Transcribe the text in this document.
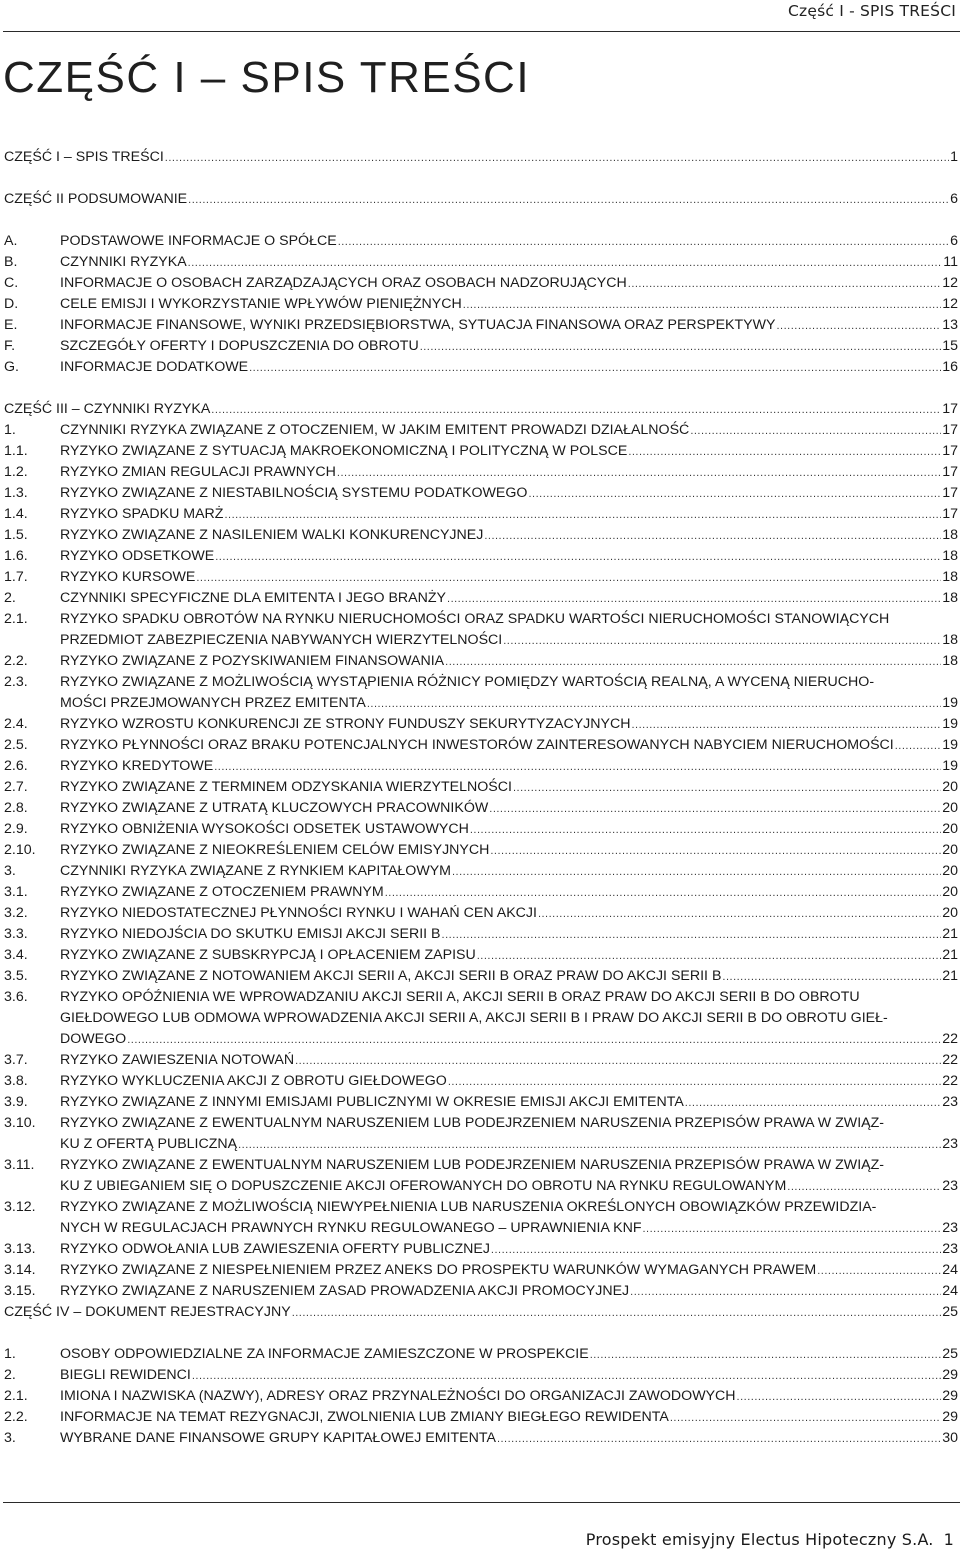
Część I - SPIS TREŚCI
CZĘŚĆ I – SPIS TREŚCI
CZĘŚĆ I – SPIS TREŚCI .....	1
CZĘŚĆ II PODSUMOWANIE .....	6
A.	PODSTAWOWE INFORMACJE O SPÓŁCE .....	6
B.	CZYNNIKI RYZYKA .....	11
C.	INFORMACJE O OSOBACH ZARZĄDZAJĄCYCH ORAZ OSOBACH NADZORUJĄCYCH .....	12
D.	CELE EMISJI I WYKORZYSTANIE WPŁYWÓW PIENIĘŻNYCH .....	12
E.	INFORMACJE FINANSOWE, WYNIKI PRZEDSIĘBIORSTWA, SYTUACJA FINANSOWA ORAZ PERSPEKTYWY .....	13
F.	SZCZEGÓŁY OFERTY I DOPUSZCZENIA DO OBROTU .....	15
G.	INFORMACJE DODATKOWE .....	16
CZĘŚĆ III – CZYNNIKI RYZYKA .....	17
1.	CZYNNIKI RYZYKA ZWIĄZANE Z OTOCZENIEM, W JAKIM EMITENT PROWADZI DZIAŁALNOŚĆ .....	17
1.1. RYZYKO ZWIĄZANE Z SYTUACJĄ MAKROEKONOMICZNĄ I POLITYCZNĄ W POLSCE .....	17
1.2. RYZYKO ZMIAN REGULACJI PRAWNYCH .....	17
1.3. RYZYKO ZWIĄZANE Z NIESTABILNOŚCIĄ SYSTEMU PODATKOWEGO .....	17
1.4. RYZYKO SPADKU MARŻ .....	17
1.5. RYZYKO ZWIĄZANE Z NASILENIEM WALKI KONKURENCYJNEJ .....	18
1.6. RYZYKO ODSETKOWE .....	18
1.7. RYZYKO KURSOWE .....	18
2.	CZYNNIKI SPECYFICZNE DLA EMITENTA I JEGO BRANŻY .....	18
2.1. RYZYKO SPADKU OBROTÓW NA RYNKU NIERUCHOMOŚCI ORAZ SPADKU WARTOŚCI NIERUCHOMOŚCI STANOWIĄCYCH
PRZEDMIOT ZABEZPIECZENIA NABYWANYCH WIERZYTELNOŚCI .....	18
2.2. RYZYKO ZWIĄZANE Z POZYSKIWANIEM FINANSOWANIA .....	18
2.3. RYZYKO ZWIĄZANE Z MOŻLIWOŚCIĄ WYSTĄPIENIA RÓŻNICY POMIĘDZY WARTOŚCIĄ REALNĄ, A WYCENĄ NIERUCHO-
MOŚCI PRZEJMOWANYCH PRZEZ EMITENTA .....	19
2.4. RYZYKO WZROSTU KONKURENCJI ZE STRONY FUNDUSZY SEKURYTYZACYJNYCH .....	19
2.5. RYZYKO PŁYNNOŚCI ORAZ BRAKU POTENCJALNYCH INWESTORÓW ZAINTERESOWANYCH NABYCIEM NIERUCHOMOŚCI .....	19
2.6. RYZYKO KREDYTOWE .....	19
2.7. RYZYKO ZWIĄZANE Z TERMINEM ODZYSKANIA WIERZYTELNOŚCI .....	20
2.8. RYZYKO ZWIĄZANE Z UTRATĄ KLUCZOWYCH PRACOWNIKÓW .....	20
2.9. RYZYKO OBNIŻENIA WYSOKOŚCI ODSETEK USTAWOWYCH .....	20
2.10. RYZYKO ZWIĄZANE Z NIEOKREŚLENIEM CELÓW EMISYJNYCH .....	20
3.	CZYNNIKI RYZYKA ZWIĄZANE Z RYNKIEM KAPITAŁOWYM .....	20
3.1. RYZYKO ZWIĄZANE Z OTOCZENIEM PRAWNYM .....	20
3.2. RYZYKO NIEDOSTATECZNEJ PŁYNNOŚCI RYNKU I WAHAŃ CEN AKCJI .....	20
3.3. RYZYKO NIEDOJŚCIA DO SKUTKU EMISJI AKCJI SERII B .....	21
3.4. RYZYKO ZWIĄZANE Z SUBSKRYPCJĄ I OPŁACENIEM ZAPISU .....	21
3.5. RYZYKO ZWIĄZANE Z NOTOWANIEM AKCJI SERII A, AKCJI SERII B ORAZ PRAW DO AKCJI SERII B .....	21
3.6. RYZYKO OPÓŹNIENIA WE WPROWADZANIU AKCJI SERII A, AKCJI SERII B ORAZ PRAW DO AKCJI SERII B DO OBROTU
GIEŁDOWEGO LUB ODMOWA WPROWADZENIA AKCJI SERII A, AKCJI SERII B I PRAW DO AKCJI SERII B DO OBROTU GIEŁ-
DOWEGO .....	22
3.7. RYZYKO ZAWIESZENIA NOTOWAŃ .....	22
3.8. RYZYKO WYKLUCZENIA AKCJI Z OBROTU GIEŁDOWEGO .....	22
3.9. RYZYKO ZWIĄZANE Z INNYMI EMISJAMI PUBLICZNYMI W OKRESIE EMISJI AKCJI EMITENTA .....	23
3.10. RYZYKO ZWIĄZANE Z EWENTUALNYM NARUSZENIEM LUB PODEJRZENIEM NARUSZENIA PRZEPISÓW PRAWA W ZWIĄZ-
KU Z OFERTĄ PUBLICZNĄ .....	23
3.11. RYZYKO ZWIĄZANE Z EWENTUALNYM NARUSZENIEM LUB PODEJRZENIEM NARUSZENIA PRZEPISÓW PRAWA W ZWIĄZ-
KU Z UBIEGANIEM SIĘ O DOPUSZCZENIE AKCJI OFEROWANYCH DO OBROTU NA RYNKU REGULOWANYM .....	23
3.12. RYZYKO ZWIĄZANE Z MOŻLIWOŚCIĄ NIEWYPEŁNIENIA LUB NARUSZENIA OKREŚLONYCH OBOWIĄZKÓW PRZEWIDZIA-
NYCH W REGULACJACH PRAWNYCH RYNKU REGULOWANEGO – UPRAWNIENIA KNF .....	23
3.13. RYZYKO ODWOŁANIA LUB ZAWIESZENIA OFERTY PUBLICZNEJ .....	23
3.14. RYZYKO ZWIĄZANE Z NIESPEŁNIENIEM PRZEZ ANEKS DO PROSPEKTU WARUNKÓW WYMAGANYCH PRAWEM .....	24
3.15. RYZYKO ZWIĄZANE Z NARUSZENIEM ZASAD PROWADZENIA AKCJI PROMOCYJNEJ .....	24
CZĘŚĆ IV – DOKUMENT REJESTRACYJNY .....	25
1.	OSOBY ODPOWIEDZIALNE ZA INFORMACJE ZAMIESZCZONE W PROSPEKCIE .....	25
2.	BIEGLI REWIDENCI .....	29
2.1. IMIONA I NAZWISKA (NAZWY), ADRESY ORAZ PRZYNALEŻNOŚCI DO ORGANIZACJI ZAWODOWYCH .....	29
2.2. INFORMACJE NA TEMAT REZYGNACJI, ZWOLNIENIA LUB ZMIANY BIEGŁEGO REWIDENTA .....	29
3.	WYBRANE DANE FINANSOWE GRUPY KAPITAŁOWEJ EMITENTA .....	30
Prospekt emisyjny Electus Hipoteczny S.A. 1
